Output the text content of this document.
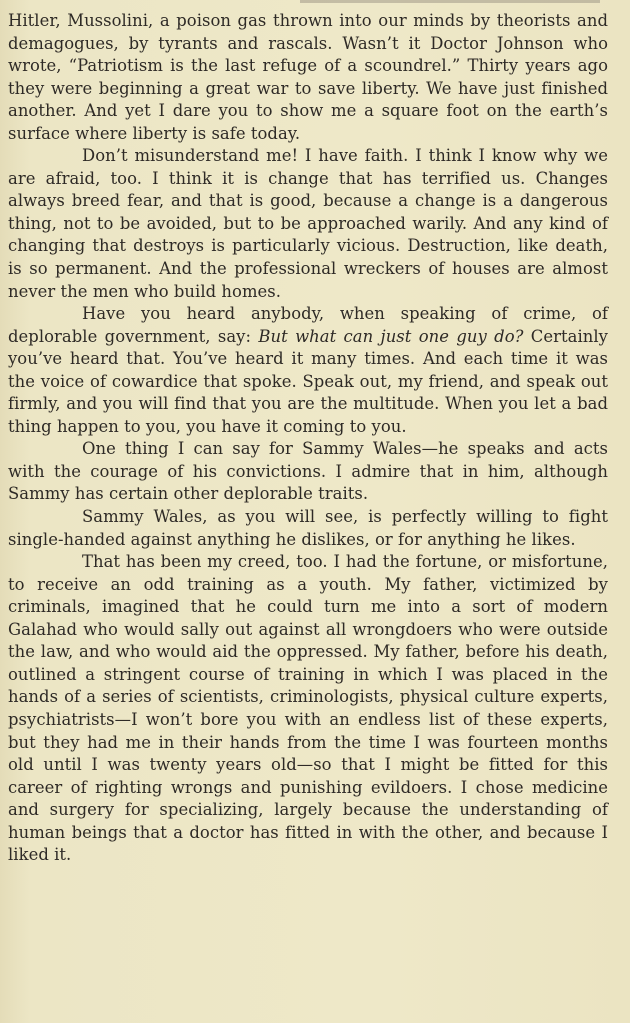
Hitler, Mussolini, a poison gas thrown into our minds by theorists and demagogues, by tyrants and rascals. Wasn’t it Doctor Johnson who wrote, “Patriotism is the last refuge of a scoundrel.” Thirty years ago they were beginning a great war to save liberty. We have just finished another. And yet I dare you to show me a square foot on the earth’s surface where liberty is safe today.

Don’t misunderstand me! I have faith. I think I know why we are afraid, too. I think it is change that has terrified us. Changes always breed fear, and that is good, because a change is a dangerous thing, not to be avoided, but to be approached warily. And any kind of changing that destroys is particularly vicious. Destruction, like death, is so permanent. And the professional wreckers of houses are almost never the men who build homes.

Have you heard anybody, when speaking of crime, of deplorable government, say: But what can just one guy do? Certainly you’ve heard that. You’ve heard it many times. And each time it was the voice of cowardice that spoke. Speak out, my friend, and speak out firmly, and you will find that you are the multitude. When you let a bad thing happen to you, you have it coming to you.

One thing I can say for Sammy Wales—he speaks and acts with the courage of his convictions. I admire that in him, although Sammy has certain other deplorable traits.

Sammy Wales, as you will see, is perfectly willing to fight single-handed against anything he dislikes, or for anything he likes.

That has been my creed, too. I had the fortune, or misfortune, to receive an odd training as a youth. My father, victimized by criminals, imagined that he could turn me into a sort of modern Galahad who would sally out against all wrongdoers who were outside the law, and who would aid the oppressed. My father, before his death, outlined a stringent course of training in which I was placed in the hands of a series of scientists, criminologists, physical culture experts, psychiatrists—I won’t bore you with an endless list of these experts, but they had me in their hands from the time I was fourteen months old until I was twenty years old—so that I might be fitted for this career of righting wrongs and punishing evildoers. I chose medicine and surgery for specializing, largely because the understanding of human beings that a doctor has fitted in with the other, and because I liked it.
